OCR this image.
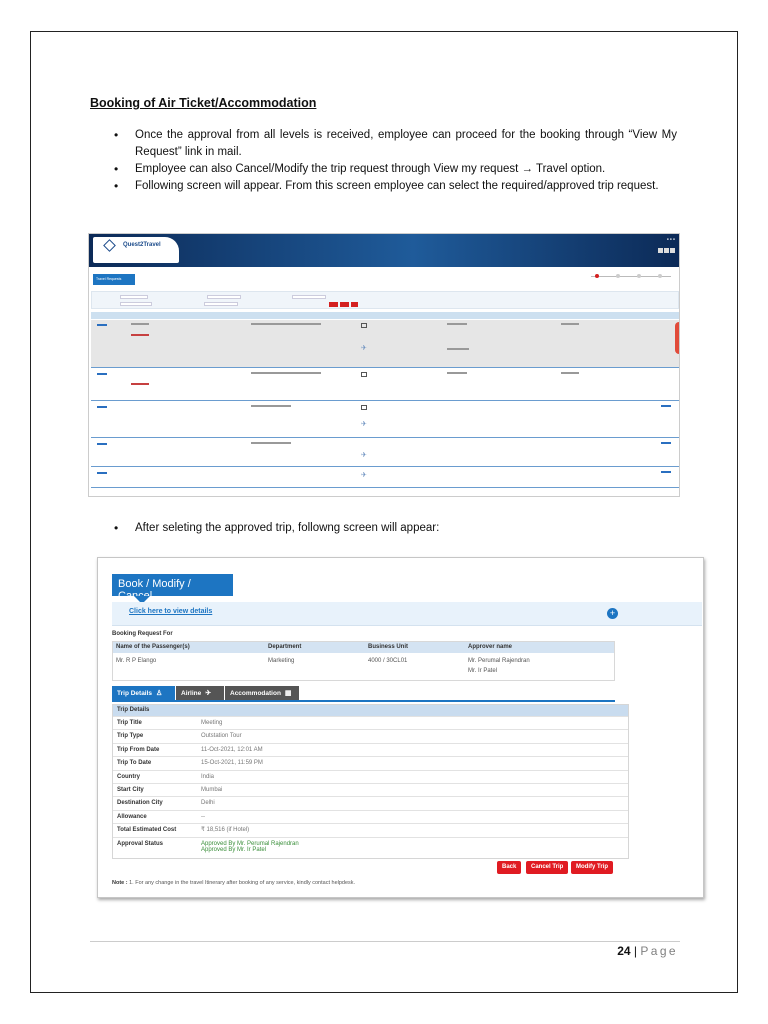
Booking of Air Ticket/Accommodation
• Once the approval from all levels is received, employee can proceed for the booking through “View My Request” link in mail.
• Employee can also Cancel/Modify the trip request through View my request → Travel option.
• Following screen will appear. From this screen employee can select the required/approved trip request.
Quest2Travel
● ● ●
Travel Requests
✈
✈
✈
✈
• After seleting the approved trip, followng screen will appear:
Book / Modify / Cancel
Click here to view details	+
Booking Request For
Name of the Passenger(s)	Department	Business Unit	Approver name
Mr. R P Elango	Marketing	4000 / 30CL01	Mr. Perumal Rajendran
Mr. Ir Patel
Trip Details ♙	Airline ✈	Accommodation ▦
Trip Details
Trip Title	Meeting
Trip Type	Outstation Tour
Trip From Date	11-Oct-2021, 12:01 AM
Trip To Date	15-Oct-2021, 11:59 PM
Country	India
Start City	Mumbai
Destination City	Delhi
Allowance	--
Total Estimated Cost	₹ 18,516 (if Hotel)
Approval Status	Approved By Mr. Perumal Rajendran
Approved By Mr. Ir Patel
Back	Cancel Trip	Modify Trip
Note : 1. For any change in the travel Itinerary after booking of any service, kindly contact helpdesk.
24 | Page
